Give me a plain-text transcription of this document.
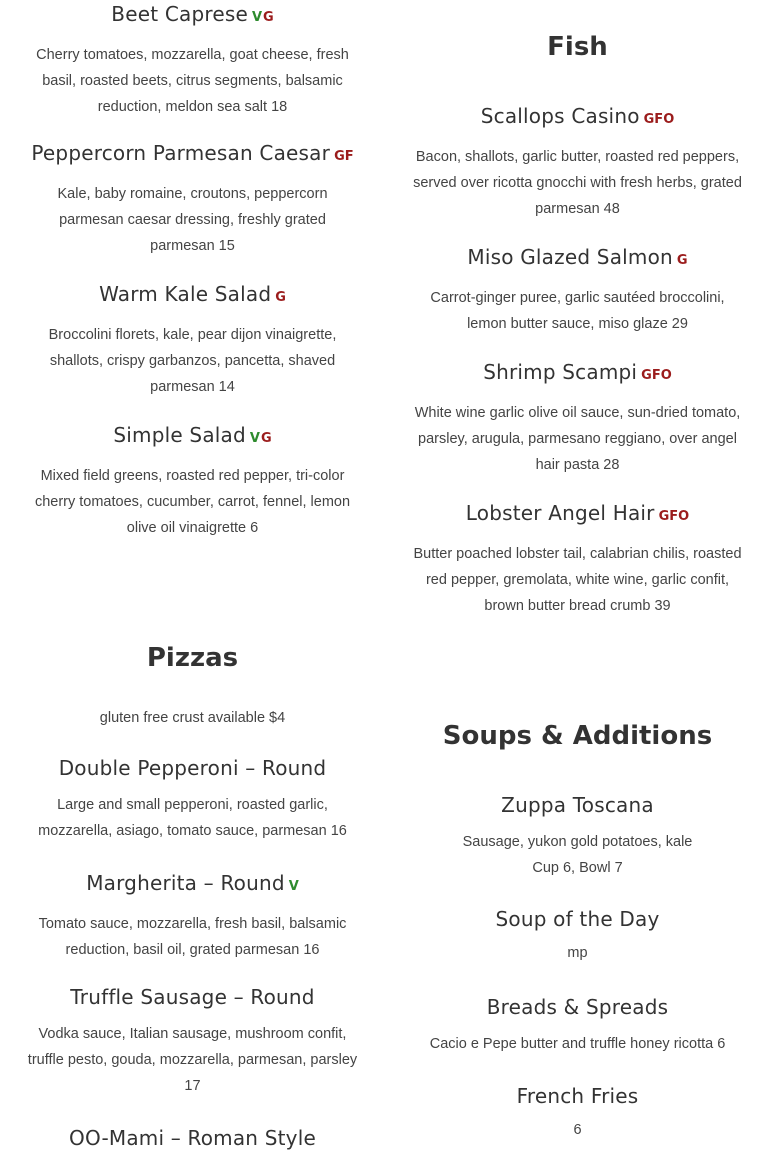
Beet Caprese VG

Cherry tomatoes, mozzarella, goat cheese, fresh basil, roasted beets, citrus segments, balsamic reduction, meldon sea salt 18

Peppercorn Parmesan Caesar GF

Kale, baby romaine, croutons, peppercorn parmesan caesar dressing, freshly grated parmesan 15

Warm Kale Salad G

Broccolini florets, kale, pear dijon vinaigrette, shallots, crispy garbanzos, pancetta, shaved parmesan 14

Simple Salad VG

Mixed field greens, roasted red pepper, tri-color cherry tomatoes, cucumber, carrot, fennel, lemon olive oil vinaigrette 6

Pizzas
gluten free crust available $4
Double Pepperoni – Round

Large and small pepperoni, roasted garlic, mozzarella, asiago, tomato sauce, parmesan 16

Margherita – Round V

Tomato sauce, mozzarella, fresh basil, balsamic reduction, basil oil, grated parmesan 16

Truffle Sausage – Round

Vodka sauce, Italian sausage, mushroom confit, truffle pesto, gouda, mozzarella, parmesan, parsley 17

OO-Mami – Roman Style
Fish
Scallops Casino GFO

Bacon, shallots, garlic butter, roasted red peppers, served over ricotta gnocchi with fresh herbs, grated parmesan 48

Miso Glazed Salmon G

Carrot-ginger puree, garlic sautéed broccolini, lemon butter sauce, miso glaze 29

Shrimp Scampi GFO

White wine garlic olive oil sauce, sun-dried tomato, parsley, arugula, parmesano reggiano, over angel hair pasta 28

Lobster Angel Hair GFO

Butter poached lobster tail, calabrian chilis, roasted red pepper, gremolata, white wine, garlic confit, brown butter bread crumb 39

Soups & Additions
Zuppa Toscana

Sausage, yukon gold potatoes, kale
Cup 6, Bowl 7

Soup of the Day

mp

Breads & Spreads

Cacio e Pepe butter and truffle honey ricotta 6

French Fries

6
